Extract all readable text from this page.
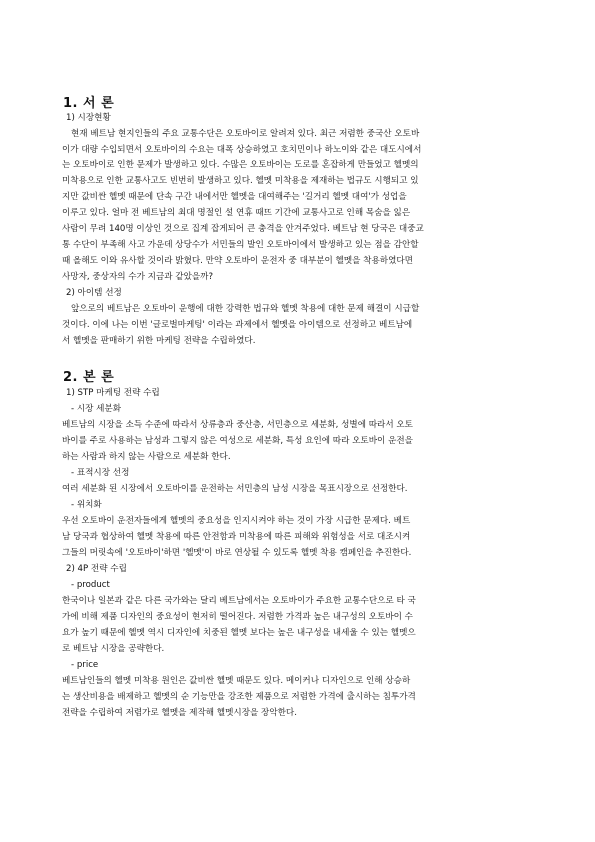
1. 서 론
1) 시장현황
현재 베트남 현지인들의 주요 교통수단은 오토바이로 알려져 있다. 최근 저렴한 중국산 오토바
이가 대량 수입되면서 오토바이의 수요는 대폭 상승하였고 호치민이나 하노이와 같은 대도시에서
는 오토바이로 인한 문제가 발생하고 있다. 수많은 오토바이는 도로를 혼잡하게 만들었고 헬멧의
미착용으로 인한 교통사고도 빈번히 발생하고 있다. 헬멧 미착용을 제재하는 법규도 시행되고 있
지만 값비싼 헬멧 때문에 단속 구간 내에서만 헬멧을 대여해주는 '길거리 헬멧 대여'가 성업을
이루고 있다. 얼마 전 베트남의 최대 명절인 설 연휴 때뜨 기간에 교통사고로 인해 목숨을 잃은
사람이 무려 140명 이상인 것으로 집계 잡게되어 큰 충격을 안겨주었다. 베트남 현 당국은 대중교
통 수단이 부족해 사고 가운데 상당수가 서민들의 발인 오토바이에서 발생하고 있는 점을 감안할
때 올해도 이와 유사할 것이라 밝혔다. 만약 오토바이 운전자 중 대부분이 헬멧을 착용하였다면
사망자, 중상자의 수가 지금과 같았을까?
2) 아이템 선정
앞으로의 베트남은 오토바이 운행에 대한 강력한 법규와 헬멧 착용에 대한 문제 해결이 시급할
것이다. 이에 나는 이번 '글로벌마케팅' 이라는 과제에서 헬멧을 아이템으로 선정하고 베트남에
서 헬멧을 판매하기 위한 마케팅 전략을 수립하였다.
2. 본 론
1) STP 마케팅 전략 수립
- 시장 세분화
베트남의 시장을 소득 수준에 따라서 상류층과 중산층, 서민층으로 세분화, 성별에 따라서 오토
바이를 주로 사용하는 남성과 그렇지 않은 여성으로 세분화, 특성 요인에 따라 오토바이 운전을
하는 사람과 하지 않는 사람으로 세분화 한다.
- 표적시장 선정
여러 세분화 된 시장에서 오토바이를 운전하는 서민층의 남성 시장을 목표시장으로 선정한다.
- 위치화
우선 오토바이 운전자들에게 헬멧의 중요성을 인지시켜야 하는 것이 가장 시급한 문제다. 베트
남 당국과 협상하여 헬멧 착용에 따른 안전함과 미착용에 따른 피해와 위험성을 서로 대조시켜
그들의 머릿속에 '오토바이'하면 '헬멧'이 바로 연상될 수 있도록 헬멧 착용 캠페인을 추진한다.
2) 4P 전략 수립
- product
한국이나 일본과 같은 다른 국가와는 달리 베트남에서는 오토바이가 주요한 교통수단으로 타 국
가에 비해 제품 디자인의 중요성이 현저히 떨어진다. 저렴한 가격과 높은 내구성의 오토바이 수
요가 높기 때문에 헬멧 역시 디자인에 치중된 헬멧 보다는 높은 내구성을 내세울 수 있는 헬멧으
로 베트남 시장을 공략한다.
- price
베트남인들의 헬멧 미착용 원인은 값비싼 헬멧 때문도 있다. 메이커나 디자인으로 인해 상승하
는 생산비용을 배제하고 헬멧의 순 기능만을 강조한 제품으로 저렴한 가격에 출시하는 침투가격
전략을 수립하여 저렴가로 헬멧을 제작해 헬멧시장을 장악한다.
